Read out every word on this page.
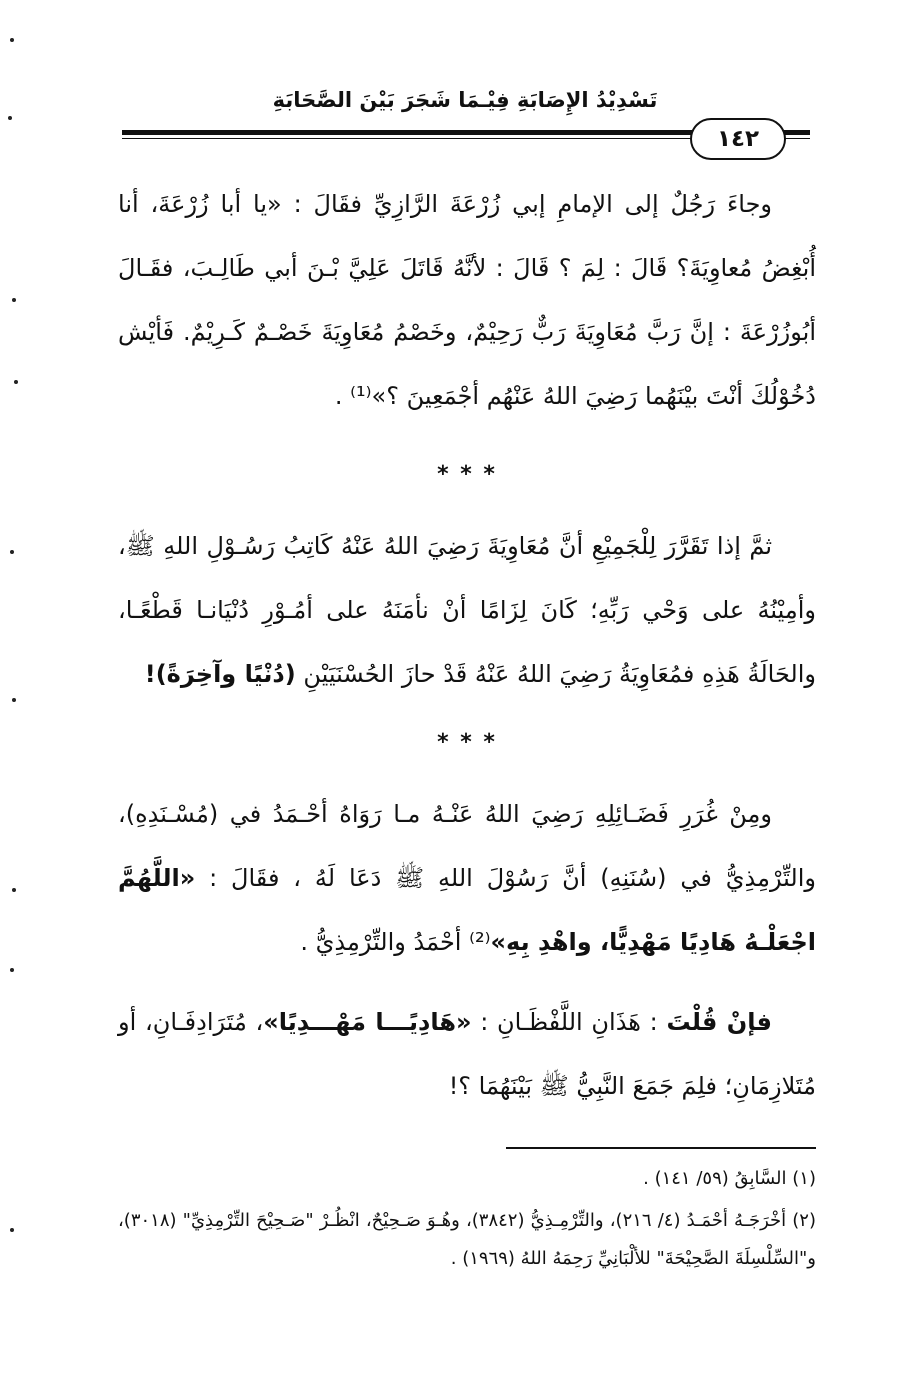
تَسْدِيْدُ الإِصَابَةِ فِيْـمَا شَجَرَ بَيْنَ الصَّحَابَةِ
١٤٢

وجاءَ رَجُلٌ إلى الإمامِ إبي زُرْعَةَ الرَّازِيِّ فقَالَ : «يا أبا زُرْعَةَ، أنا أُبْغِضُ مُعاوِيَةَ؟ قَالَ : لِمَ ؟ قَالَ : لأنَّهُ قَاتَلَ عَلِيَّ بْـنَ أبي طَالِـبَ، فقَـالَ أبُوزُرْعَةَ : إنَّ رَبَّ مُعَاوِيَةَ رَبٌّ رَحِيْمٌ، وخَصْمُ مُعَاوِيَةَ خَصْـمٌ كَـرِيْمٌ. فَأيْش دُخُوْلُكَ أنْتَ بيْنَهُما رَضِيَ اللهُ عَنْهُم أجْمَعِينَ ؟»⁽¹⁾ .

* * *

ثمَّ إذا تَقَرَّرَ لِلْجَمِيْعِ أنَّ مُعَاوِيَةَ رَضِيَ اللهُ عَنْهُ كَاتِبُ رَسُـوْلِ اللهِ ﷺ، وأمِيْنُهُ على وَحْي رَبِّهِ؛ كَانَ لِزَامًا أنْ نأمَنَهُ على أمُـوْرِ دُنْيَانـا قَطْعًـا، والحَالَةُ هَذِهِ فمُعَاوِيَةُ رَضِيَ اللهُ عَنْهُ قَدْ حازَ الحُسْنَيَيْنِ (دُنْيًا وآخِرَةً)!

* * *

ومِنْ غُرَرِ فَضَـائِلِهِ رَضِيَ اللهُ عَنْـهُ مـا رَوَاهُ أحْـمَدُ في (مُسْـنَدِهِ)، والتِّرْمِذِيُّ في (سُنَنِهِ) أنَّ رَسُوْلَ اللهِ ﷺ دَعَا لَهُ ، فقَالَ : «اللَّهُمَّ اجْعَلْـهُ هَادِيًا مَهْدِيًّا، واهْدِ بِهِ»⁽²⁾ أحْمَدُ والتِّرْمِذِيُّ .

فإنْ قُلْتَ : هَذَانِ اللَّفْظَـانِ : «هَادِيًـــا مَهْـــدِيًا»، مُتَرَادِفَـانِ، أو مُتَلازِمَانِ؛ فلِمَ جَمَعَ النَّبِيُّ ﷺ بَيْنَهُمَا ؟!

(١) السَّابِقُ (٥٩/ ١٤١) .

(٢) أخْرَجَـهُ أحْمَـدُ (٤/ ٢١٦)، والتِّرْمِـذِيُّ (٣٨٤٢)، وهُـوَ صَـحِيْحٌ، انْظُـرْ "صَـحِيْحَ التِّرْمِذِيِّ" (٣٠١٨)، و"السِّلْسِلَةَ الصَّحِيْحَةَ" للألْبَانِيِّ رَحِمَهُ اللهُ (١٩٦٩) .
